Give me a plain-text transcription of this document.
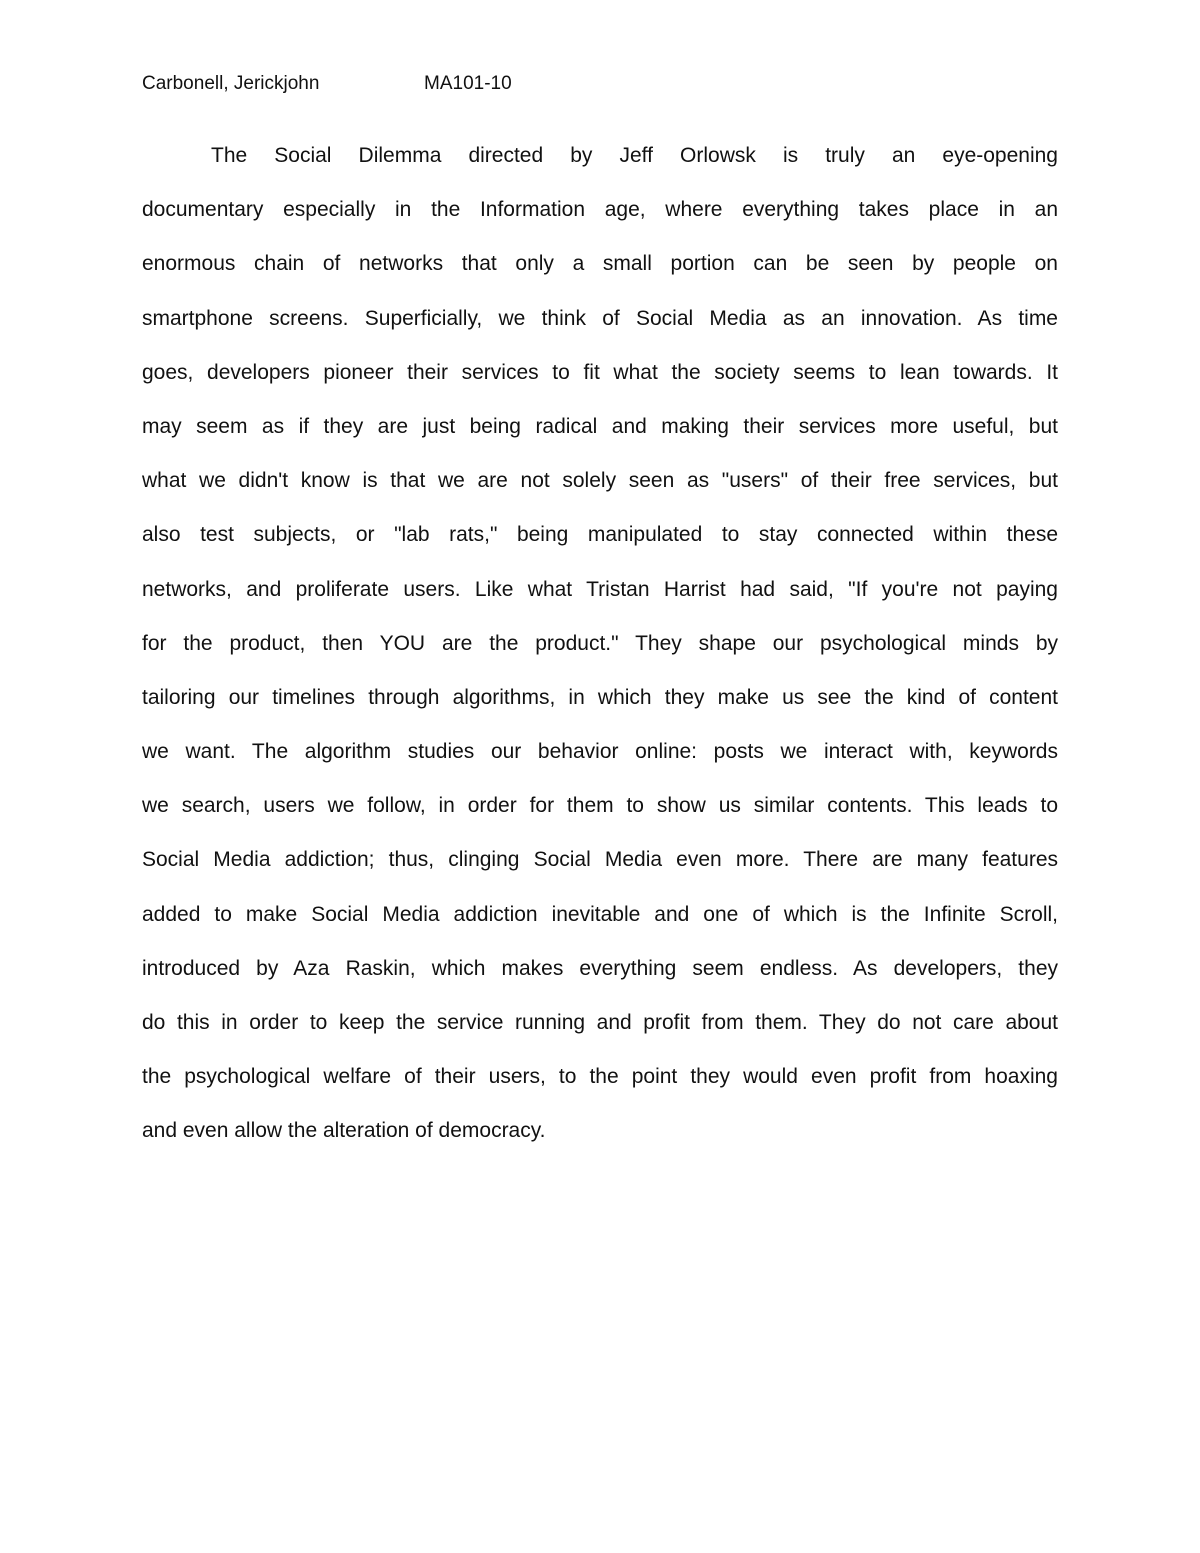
Carbonell, Jerickjohn	MA101-10
The Social Dilemma directed by Jeff Orlowsk is truly an eye-opening
documentary especially in the Information age, where everything takes place in an
enormous chain of networks that only a small portion can be seen by people on
smartphone screens. Superficially, we think of Social Media as an innovation. As time
goes, developers pioneer their services to fit what the society seems to lean towards. It
may seem as if they are just being radical and making their services more useful, but
what we didn't know is that we are not solely seen as "users" of their free services, but
also test subjects, or "lab rats," being manipulated to stay connected within these
networks, and proliferate users. Like what Tristan Harrist had said, "If you're not paying
for the product, then YOU are the product." They shape our psychological minds by
tailoring our timelines through algorithms, in which they make us see the kind of content
we want. The algorithm studies our behavior online: posts we interact with, keywords
we search, users we follow, in order for them to show us similar contents. This leads to
Social Media addiction; thus, clinging Social Media even more. There are many features
added to make Social Media addiction inevitable and one of which is the Infinite Scroll,
introduced by Aza Raskin, which makes everything seem endless. As developers, they
do this in order to keep the service running and profit from them. They do not care about
the psychological welfare of their users, to the point they would even profit from hoaxing
and even allow the alteration of democracy.
